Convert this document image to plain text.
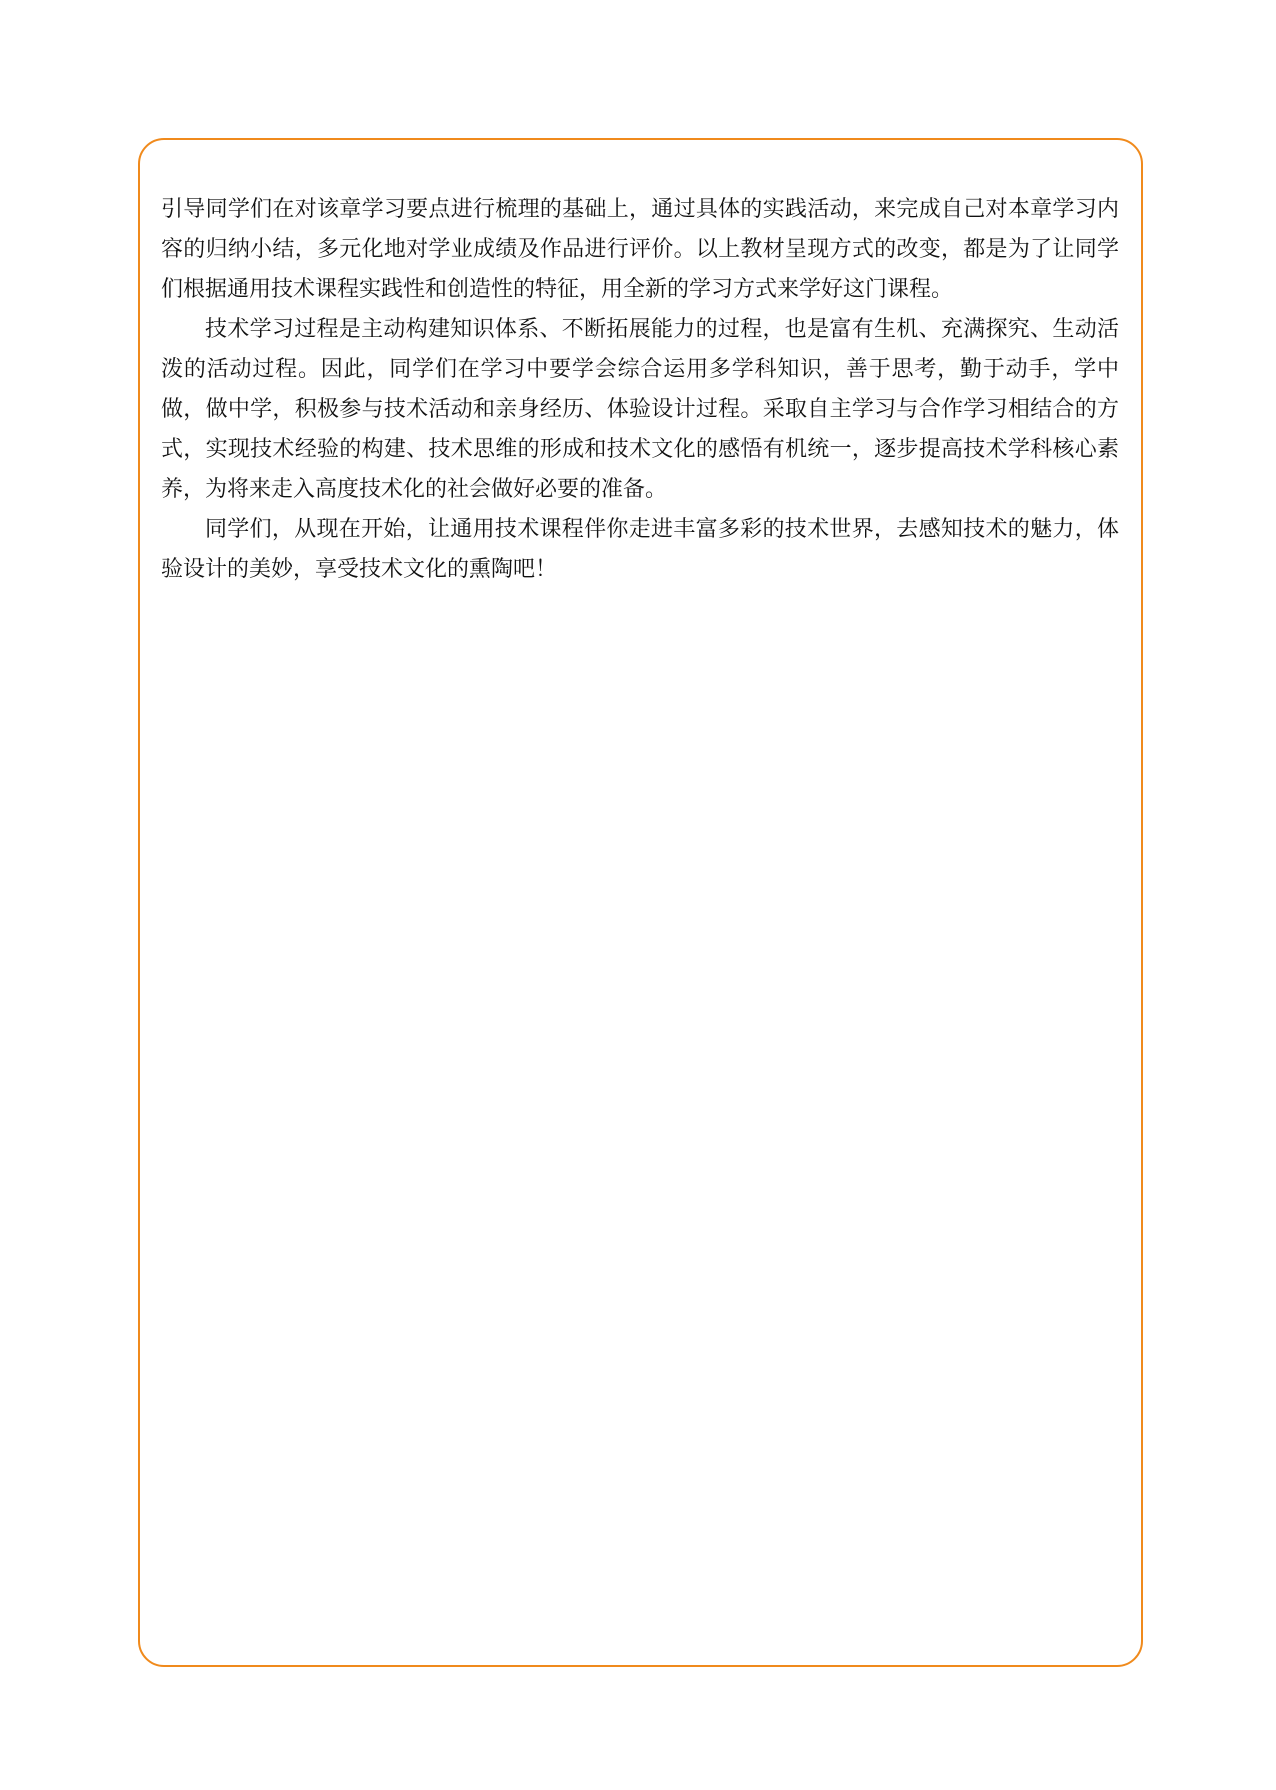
引导同学们在对该章学习要点进行梳理的基础上，通过具体的实践活动，来完成自己对本章学习内容的归纳小结，多元化地对学业成绩及作品进行评价。以上教材呈现方式的改变，都是为了让同学们根据通用技术课程实践性和创造性的特征，用全新的学习方式来学好这门课程。

技术学习过程是主动构建知识体系、不断拓展能力的过程，也是富有生机、充满探究、生动活泼的活动过程。因此，同学们在学习中要学会综合运用多学科知识，善于思考，勤于动手，学中做，做中学，积极参与技术活动和亲身经历、体验设计过程。采取自主学习与合作学习相结合的方式，实现技术经验的构建、技术思维的形成和技术文化的感悟有机统一，逐步提高技术学科核心素养，为将来走入高度技术化的社会做好必要的准备。

同学们，从现在开始，让通用技术课程伴你走进丰富多彩的技术世界，去感知技术的魅力，体验设计的美妙，享受技术文化的熏陶吧！
